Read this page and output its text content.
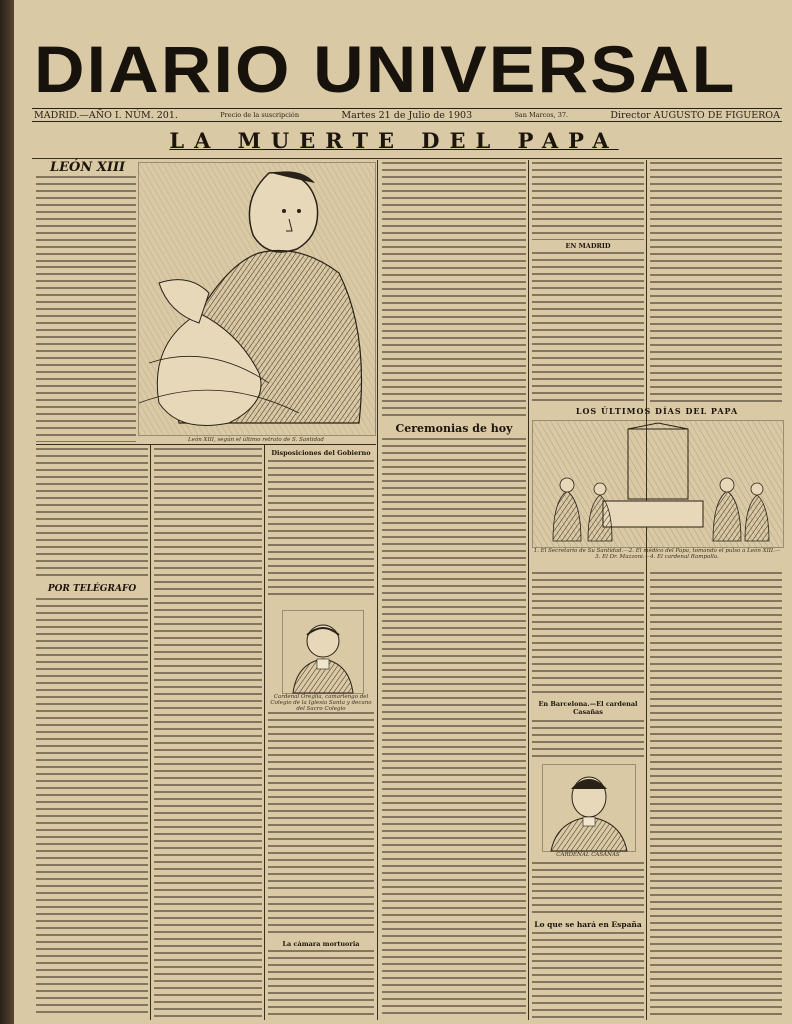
DIARIO UNIVERSAL
MADRID.—AÑO I. NÚM. 201.	Precio de la suscripción	Martes 21 de Julio de 1903	San Marcos, 37.	Director AUGUSTO DE FIGUEROA
LA MUERTE DEL PAPA
LEÓN XIII
León XIII, según el último retrato de S. Santidad
POR TELÉGRAFO
Disposiciones del Gobierno
Cardenal Oreglia, camarlengo del Colegio de la Iglesia Santa y decano del Sacro Colegio
La cámara mortuoria
Ceremonias de hoy
EN MADRID
LOS ÚLTIMOS DÍAS DEL PAPA
1. El Secretario de Su Santidad.—2. El médico del Papa, tomando el pulso a León XIII.—3. El Dr. Mazzoni.—4. El cardenal Rampolla.
En Barcelona.—El cardenal Casañas
CARDENAL CASAÑAS
Lo que se hará en España
